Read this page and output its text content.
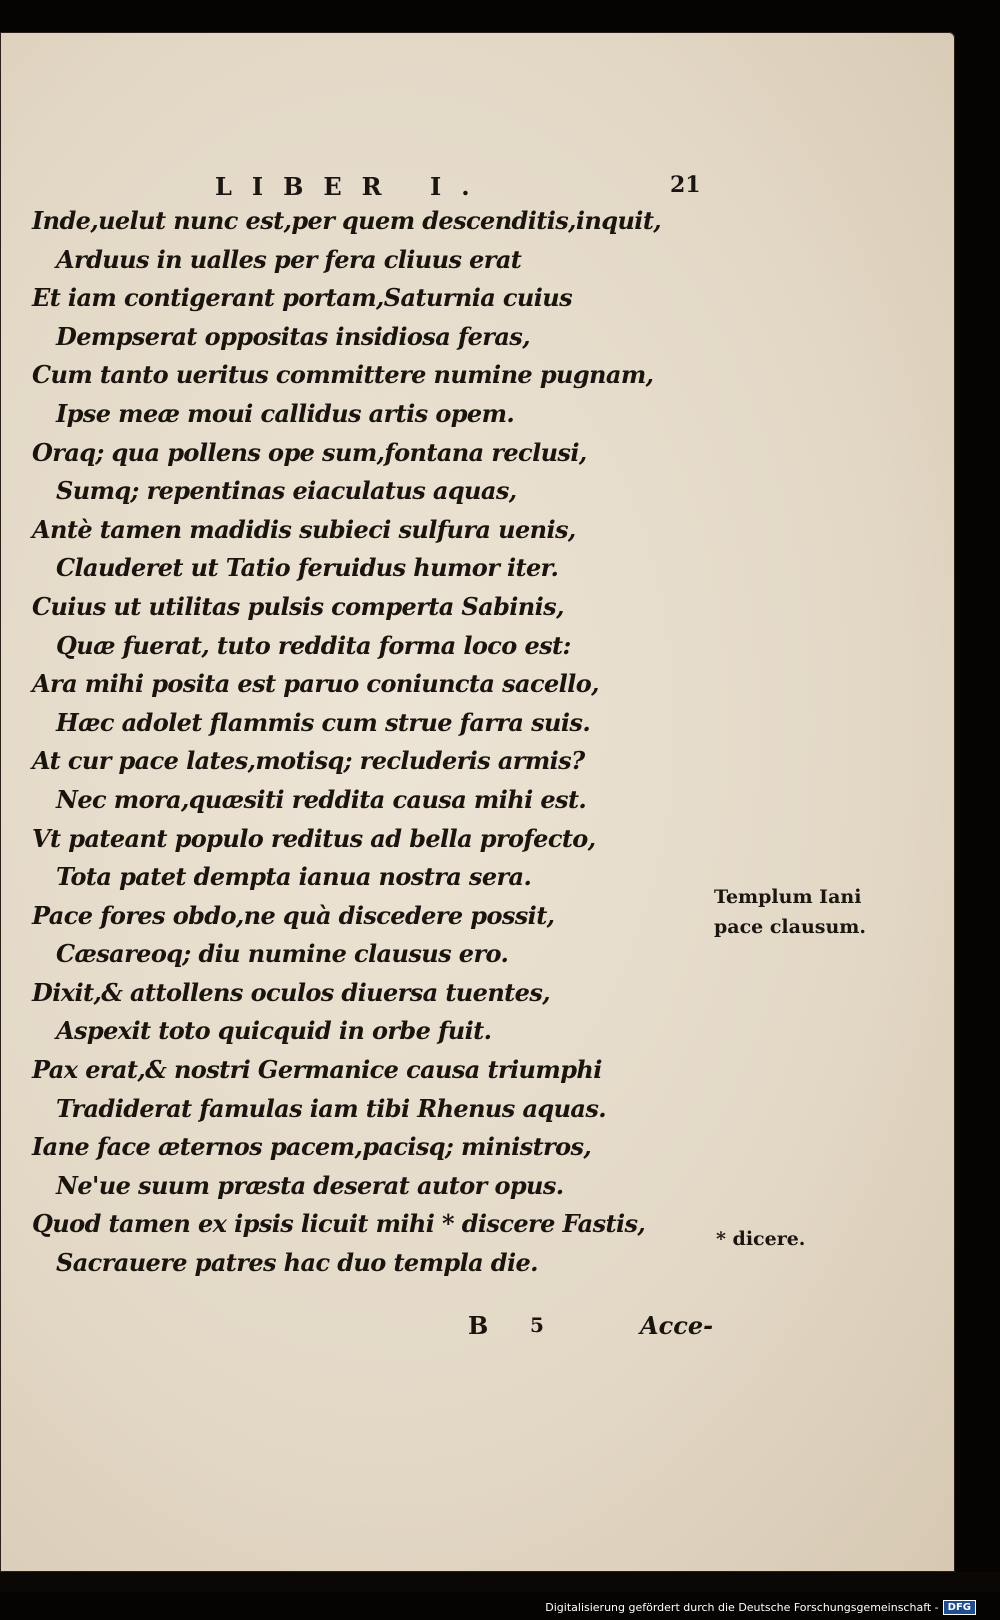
LIBER I.	21
Inde,uelut nunc est,per quem descenditis,inquit,
Arduus in ualles per fera cliuus erat
Et iam contigerant portam,Saturnia cuius
Dempserat oppositas insidiosa feras,
Cum tanto ueritus committere numine pugnam,
Ipse meæ moui callidus artis opem.
Oraq; qua pollens ope sum,fontana reclusi,
Sumq; repentinas eiaculatus aquas,
Antè tamen madidis subieci sulfura uenis,
Clauderet ut Tatio feruidus humor iter.
Cuius ut utilitas pulsis comperta Sabinis,
Quæ fuerat, tuto reddita forma loco est:
Ara mihi posita est paruo coniuncta sacello,
Hæc adolet flammis cum strue farra suis.
At cur pace lates,motisq; recluderis armis?
Nec mora,quæsiti reddita causa mihi est.
Vt pateant populo reditus ad bella profecto,
Tota patet dempta ianua nostra sera.
Pace fores obdo,ne quà discedere possit,
Cæsareoq; diu numine clausus ero.
Dixit,& attollens oculos diuersa tuentes,
Aspexit toto quicquid in orbe fuit.
Pax erat,& nostri Germanice causa triumphi
Tradiderat famulas iam tibi Rhenus aquas.
Iane face æternos pacem,pacisq; ministros,
Ne'ue suum præsta deserat autor opus.
Quod tamen ex ipsis licuit mihi * discere Fastis,
Sacrauere patres hac duo templa die.
Templum Iani
pace clausum.
* dicere.
B 5	Acce-
Digitalisierung gefördert durch die Deutsche Forschungsgemeinschaft - DFG
